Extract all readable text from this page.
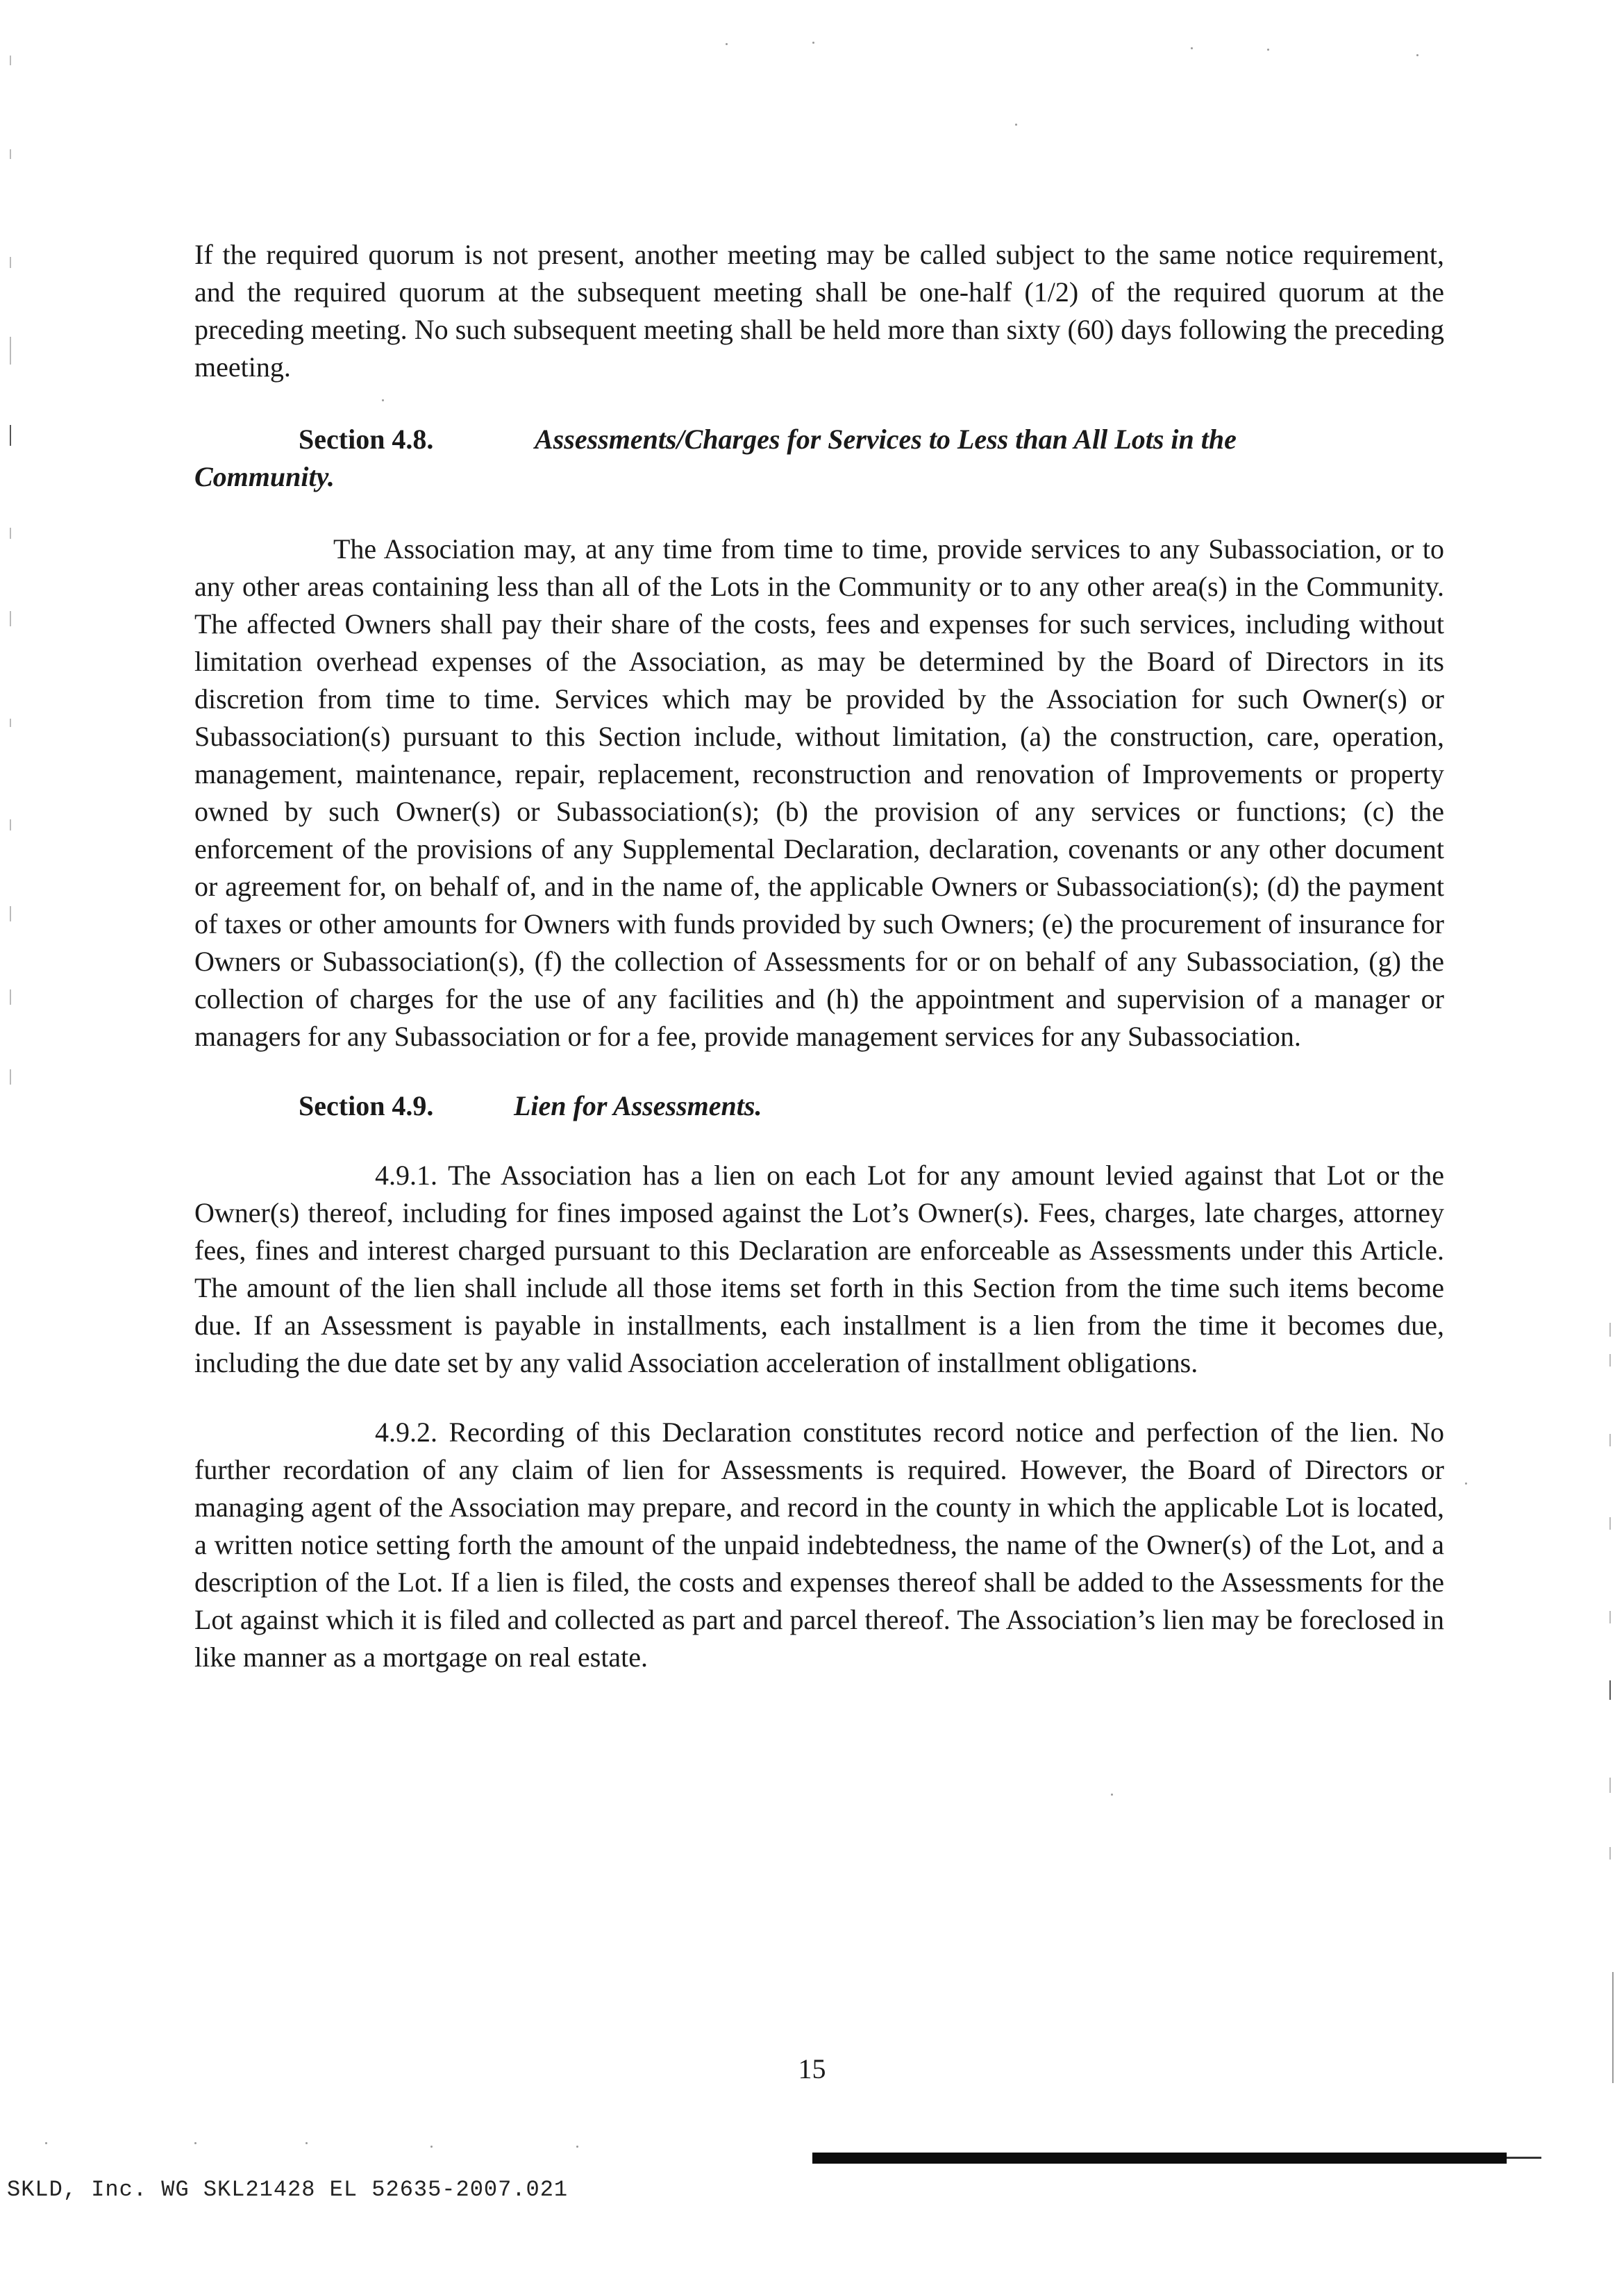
If the required quorum is not present, another meeting may be called subject to the same notice requirement, and the required quorum at the subsequent meeting shall be one-half (1/2) of the required quorum at the preceding meeting. No such subsequent meeting shall be held more than sixty (60) days following the preceding meeting.

Section 4.8.	Assessments/Charges for Services to Less than All Lots in the
Community.

The Association may, at any time from time to time, provide services to any Subassociation, or to any other areas containing less than all of the Lots in the Community or to any other area(s) in the Community. The affected Owners shall pay their share of the costs, fees and expenses for such services, including without limitation overhead expenses of the Association, as may be determined by the Board of Directors in its discretion from time to time. Services which may be provided by the Association for such Owner(s) or Subassociation(s) pursuant to this Section include, without limitation, (a) the construction, care, operation, management, maintenance, repair, replacement, reconstruction and renovation of Improvements or property owned by such Owner(s) or Subassociation(s); (b) the provision of any services or functions; (c) the enforcement of the provisions of any Supplemental Declaration, declaration, covenants or any other document or agreement for, on behalf of, and in the name of, the applicable Owners or Subassociation(s); (d) the payment of taxes or other amounts for Owners with funds provided by such Owners; (e) the procurement of insurance for Owners or Subassociation(s), (f) the collection of Assessments for or on behalf of any Subassociation, (g) the collection of charges for the use of any facilities and (h) the appointment and supervision of a manager or managers for any Subassociation or for a fee, provide management services for any Subassociation.

Section 4.9.	Lien for Assessments.

4.9.1. The Association has a lien on each Lot for any amount levied against that Lot or the Owner(s) thereof, including for fines imposed against the Lot’s Owner(s). Fees, charges, late charges, attorney fees, fines and interest charged pursuant to this Declaration are enforceable as Assessments under this Article. The amount of the lien shall include all those items set forth in this Section from the time such items become due. If an Assessment is payable in installments, each installment is a lien from the time it becomes due, including the due date set by any valid Association acceleration of installment obligations.

4.9.2. Recording of this Declaration constitutes record notice and perfection of the lien. No further recordation of any claim of lien for Assessments is required. However, the Board of Directors or managing agent of the Association may prepare, and record in the county in which the applicable Lot is located, a written notice setting forth the amount of the unpaid indebtedness, the name of the Owner(s) of the Lot, and a description of the Lot. If a lien is filed, the costs and expenses thereof shall be added to the Assessments for the Lot against which it is filed and collected as part and parcel thereof. The Association’s lien may be foreclosed in like manner as a mortgage on real estate.

15
SKLD, Inc. WG SKL21428 EL 52635-2007.021
